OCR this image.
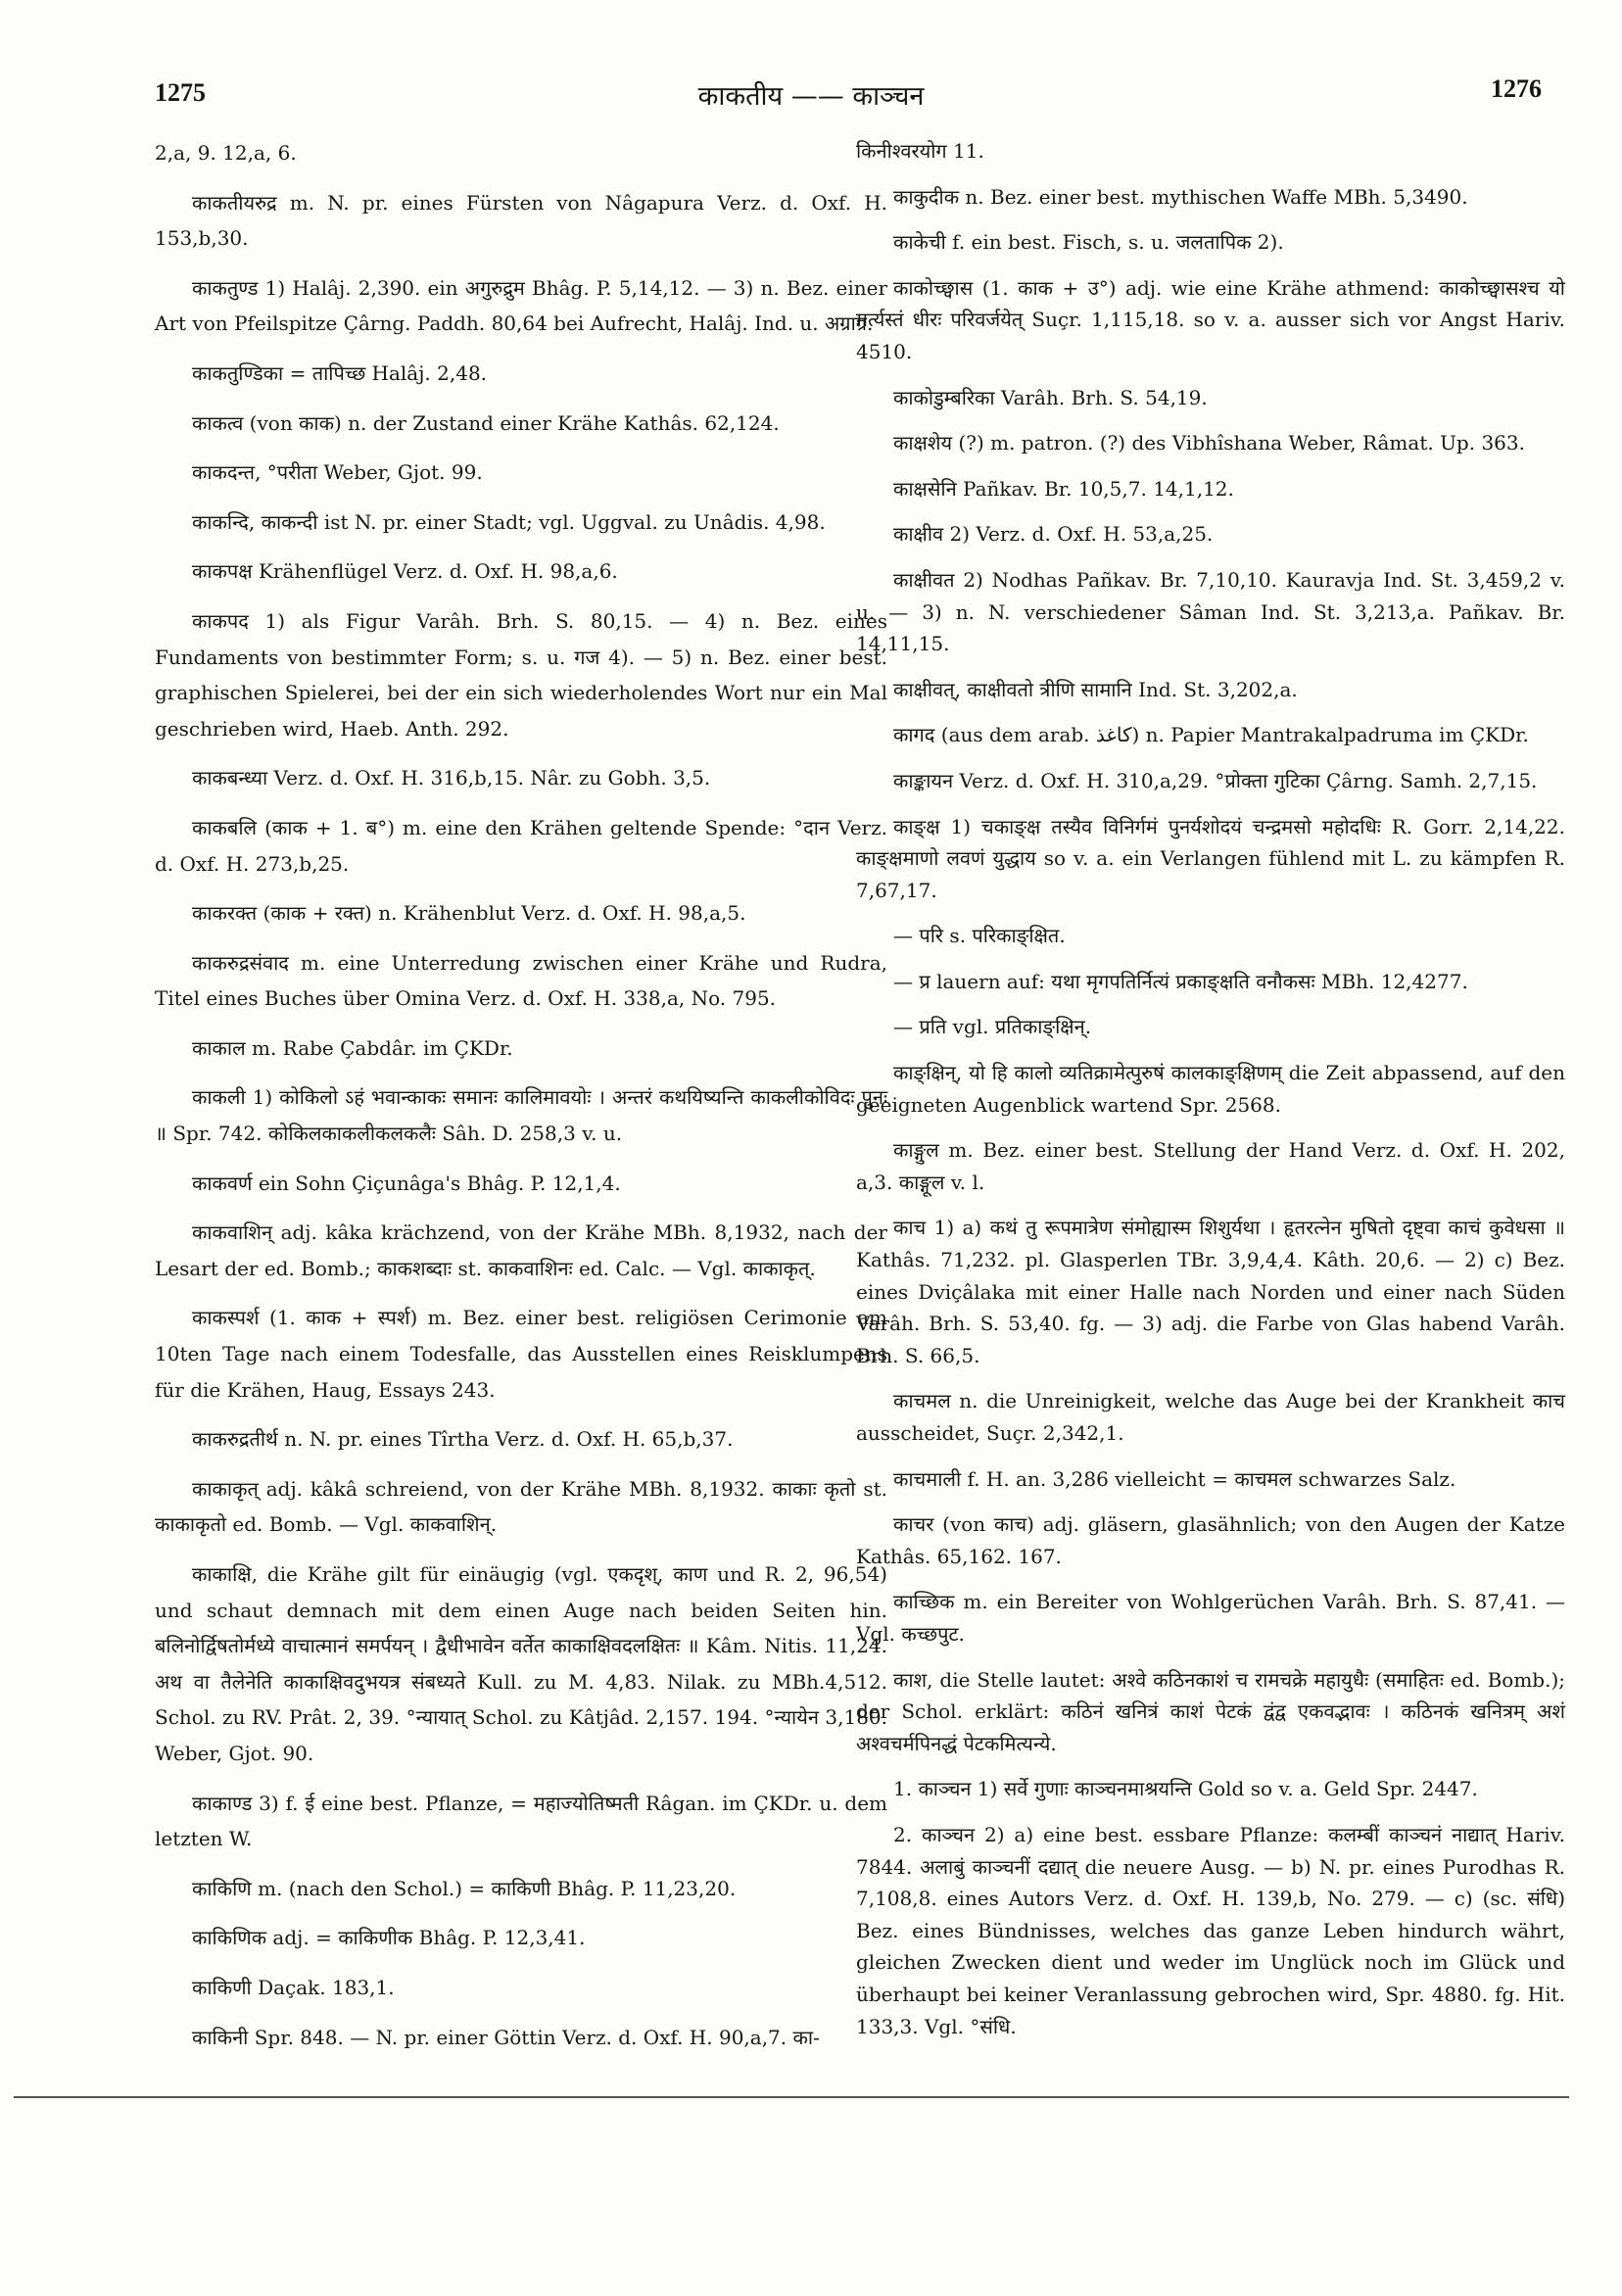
1275	काकतीय —— काञ्चन	1276

2,a, 9. 12,a, 6.

काकतीयरुद्र m. N. pr. eines Fürsten von Nâgapura Verz. d. Oxf. H. 153,b,30.

काकतुण्ड 1) Halâj. 2,390. ein अगुरुद्रुम Bhâg. P. 5,14,12. — 3) n. Bez. einer Art von Pfeilspitze Çârng. Paddh. 80,64 bei Aufrecht, Halâj. Ind. u. अग्राग्र.

काकतुण्डिका = तापिच्छ Halâj. 2,48.

काकत्व (von काक) n. der Zustand einer Krähe Kathâs. 62,124.

काकदन्त, °परीता Weber, Gjot. 99.

काकन्दि, काकन्दी ist N. pr. einer Stadt; vgl. Uggval. zu Unâdis. 4,98.

काकपक्ष Krähenflügel Verz. d. Oxf. H. 98,a,6.

काकपद 1) als Figur Varâh. Brh. S. 80,15. — 4) n. Bez. eines Fundaments von bestimmter Form; s. u. गज 4). — 5) n. Bez. einer best. graphischen Spielerei, bei der ein sich wiederholendes Wort nur ein Mal geschrieben wird, Haeb. Anth. 292.

काकबन्ध्या Verz. d. Oxf. H. 316,b,15. Nâr. zu Gobh. 3,5.

काकबलि (काक + 1. ब°) m. eine den Krähen geltende Spende: °दान Verz. d. Oxf. H. 273,b,25.

काकरक्त (काक + रक्त) n. Krähenblut Verz. d. Oxf. H. 98,a,5.

काकरुद्रसंवाद m. eine Unterredung zwischen einer Krähe und Rudra, Titel eines Buches über Omina Verz. d. Oxf. H. 338,a, No. 795.

काकाल m. Rabe Çabdâr. im ÇKDr.

काकली 1) कोकिलो ऽहं भवान्काकः समानः कालिमावयोः । अन्तरं कथयिष्यन्ति काकलीकोविदः पुनः ॥ Spr. 742. कोकिलकाकलीकलकलैः Sâh. D. 258,3 v. u.

काकवर्ण ein Sohn Çiçunâga's Bhâg. P. 12,1,4.

काकवाशिन् adj. kâka krächzend, von der Krähe MBh. 8,1932, nach der Lesart der ed. Bomb.; काकशब्दाः st. काकवाशिनः ed. Calc. — Vgl. काकाकृत्.

काकस्पर्श (1. काक + स्पर्श) m. Bez. einer best. religiösen Cerimonie am 10ten Tage nach einem Todesfalle, das Ausstellen eines Reisklumpens für die Krähen, Haug, Essays 243.

काकरुद्रतीर्थ n. N. pr. eines Tîrtha Verz. d. Oxf. H. 65,b,37.

काकाकृत् adj. kâkâ schreiend, von der Krähe MBh. 8,1932. काकाः कृतो st. काकाकृतो ed. Bomb. — Vgl. काकवाशिन्.

काकाक्षि, die Krähe gilt für einäugig (vgl. एकदृश्, काण und R. 2, 96,54) und schaut demnach mit dem einen Auge nach beiden Seiten hin. बलिनोर्द्विषतोर्मध्ये वाचात्मानं समर्पयन् । द्वैधीभावेन वर्तेत काकाक्षिवदलक्षितः ॥ Kâm. Nitis. 11,24. अथ वा तैलेनेति काकाक्षिवदुभयत्र संबध्यते Kull. zu M. 4,83. Nilak. zu MBh.4,512. Schol. zu RV. Prât. 2, 39. °न्यायात् Schol. zu Kâtjâd. 2,157. 194. °न्यायेन 3,180. Weber, Gjot. 90.

काकाण्ड 3) f. ई eine best. Pflanze, = महाज्योतिष्मती Râgan. im ÇKDr. u. dem letzten W.

काकिणि m. (nach den Schol.) = काकिणी Bhâg. P. 11,23,20.

काकिणिक adj. = काकिणीक Bhâg. P. 12,3,41.

काकिणी Daçak. 183,1.

काकिनी Spr. 848. — N. pr. einer Göttin Verz. d. Oxf. H. 90,a,7. का-

किनीश्वरयोग 11.

काकुदीक n. Bez. einer best. mythischen Waffe MBh. 5,3490.

काकेची f. ein best. Fisch, s. u. जलतापिक 2).

काकोच्छ्वास (1. काक + उ°) adj. wie eine Krähe athmend: काकोच्छ्वासश्च यो मर्त्यस्तं धीरः परिवर्जयेत् Suçr. 1,115,18. so v. a. ausser sich vor Angst Hariv. 4510.

काकोडुम्बरिका Varâh. Brh. S. 54,19.

काक्षशेय (?) m. patron. (?) des Vibhîshana Weber, Râmat. Up. 363.

काक्षसेनि Pañkav. Br. 10,5,7. 14,1,12.

काक्षीव 2) Verz. d. Oxf. H. 53,a,25.

काक्षीवत 2) Nodhas Pañkav. Br. 7,10,10. Kauravja Ind. St. 3,459,2 v. u. — 3) n. N. verschiedener Sâman Ind. St. 3,213,a. Pañkav. Br. 14,11,15.

काक्षीवत्, काक्षीवतो त्रीणि सामानि Ind. St. 3,202,a.

कागद (aus dem arab. كاغذ) n. Papier Mantrakalpadruma im ÇKDr.

काङ्कायन Verz. d. Oxf. H. 310,a,29. °प्रोक्ता गुटिका Çârng. Samh. 2,7,15.

काङ्क्ष 1) चकाङ्क्ष तस्यैव विनिर्गमं पुनर्यशोदयं चन्द्रमसो महोदधिः R. Gorr. 2,14,22. काङ्क्षमाणो लवणं युद्धाय so v. a. ein Verlangen fühlend mit L. zu kämpfen R. 7,67,17.

— परि s. परिकाङ्क्षित.

— प्र lauern auf: यथा मृगपतिर्नित्यं प्रकाङ्क्षति वनौकसः MBh. 12,4277.

— प्रति vgl. प्रतिकाङ्क्षिन्.

काङ्क्षिन्, यो हि कालो व्यतिक्रामेत्पुरुषं कालकाङ्क्षिणम् die Zeit abpassend, auf den geeigneten Augenblick wartend Spr. 2568.

काङ्गुल m. Bez. einer best. Stellung der Hand Verz. d. Oxf. H. 202, a,3. काङ्गूल v. l.

काच 1) a) कथं तु रूपमात्रेण संमोह्यास्म शिशुर्यथा । हृतरत्नेन मुषितो दृष्ट्वा काचं कुवेधसा ॥ Kathâs. 71,232. pl. Glasperlen TBr. 3,9,4,4. Kâth. 20,6. — 2) c) Bez. eines Dviçâlaka mit einer Halle nach Norden und einer nach Süden Varâh. Brh. S. 53,40. fg. — 3) adj. die Farbe von Glas habend Varâh. Brh. S. 66,5.

काचमल n. die Unreinigkeit, welche das Auge bei der Krankheit काच ausscheidet, Suçr. 2,342,1.

काचमाली f. H. an. 3,286 vielleicht = काचमल schwarzes Salz.

काचर (von काच) adj. gläsern, glasähnlich; von den Augen der Katze Kathâs. 65,162. 167.

काच्छिक m. ein Bereiter von Wohlgerüchen Varâh. Brh. S. 87,41. — Vgl. कच्छपुट.

काश, die Stelle lautet: अश्वे कठिनकाशं च रामचक्रे महायुधैः (समाहितः ed. Bomb.); der Schol. erklärt: कठिनं खनित्रं काशं पेटकं द्वंद्व एकवद्भावः । कठिनकं खनित्रम् अशं अश्वचर्मपिनद्धं पेटकमित्यन्ये.

1. काञ्चन 1) सर्वे गुणाः काञ्चनमाश्रयन्ति Gold so v. a. Geld Spr. 2447.

2. काञ्चन 2) a) eine best. essbare Pflanze: कलम्बीं काञ्चनं नाद्यात् Hariv. 7844. अलाबुं काञ्चनीं दद्यात् die neuere Ausg. — b) N. pr. eines Purodhas R. 7,108,8. eines Autors Verz. d. Oxf. H. 139,b, No. 279. — c) (sc. संधि) Bez. eines Bündnisses, welches das ganze Leben hindurch währt, gleichen Zwecken dient und weder im Unglück noch im Glück und überhaupt bei keiner Veranlassung gebrochen wird, Spr. 4880. fg. Hit. 133,3. Vgl. °संधि.
